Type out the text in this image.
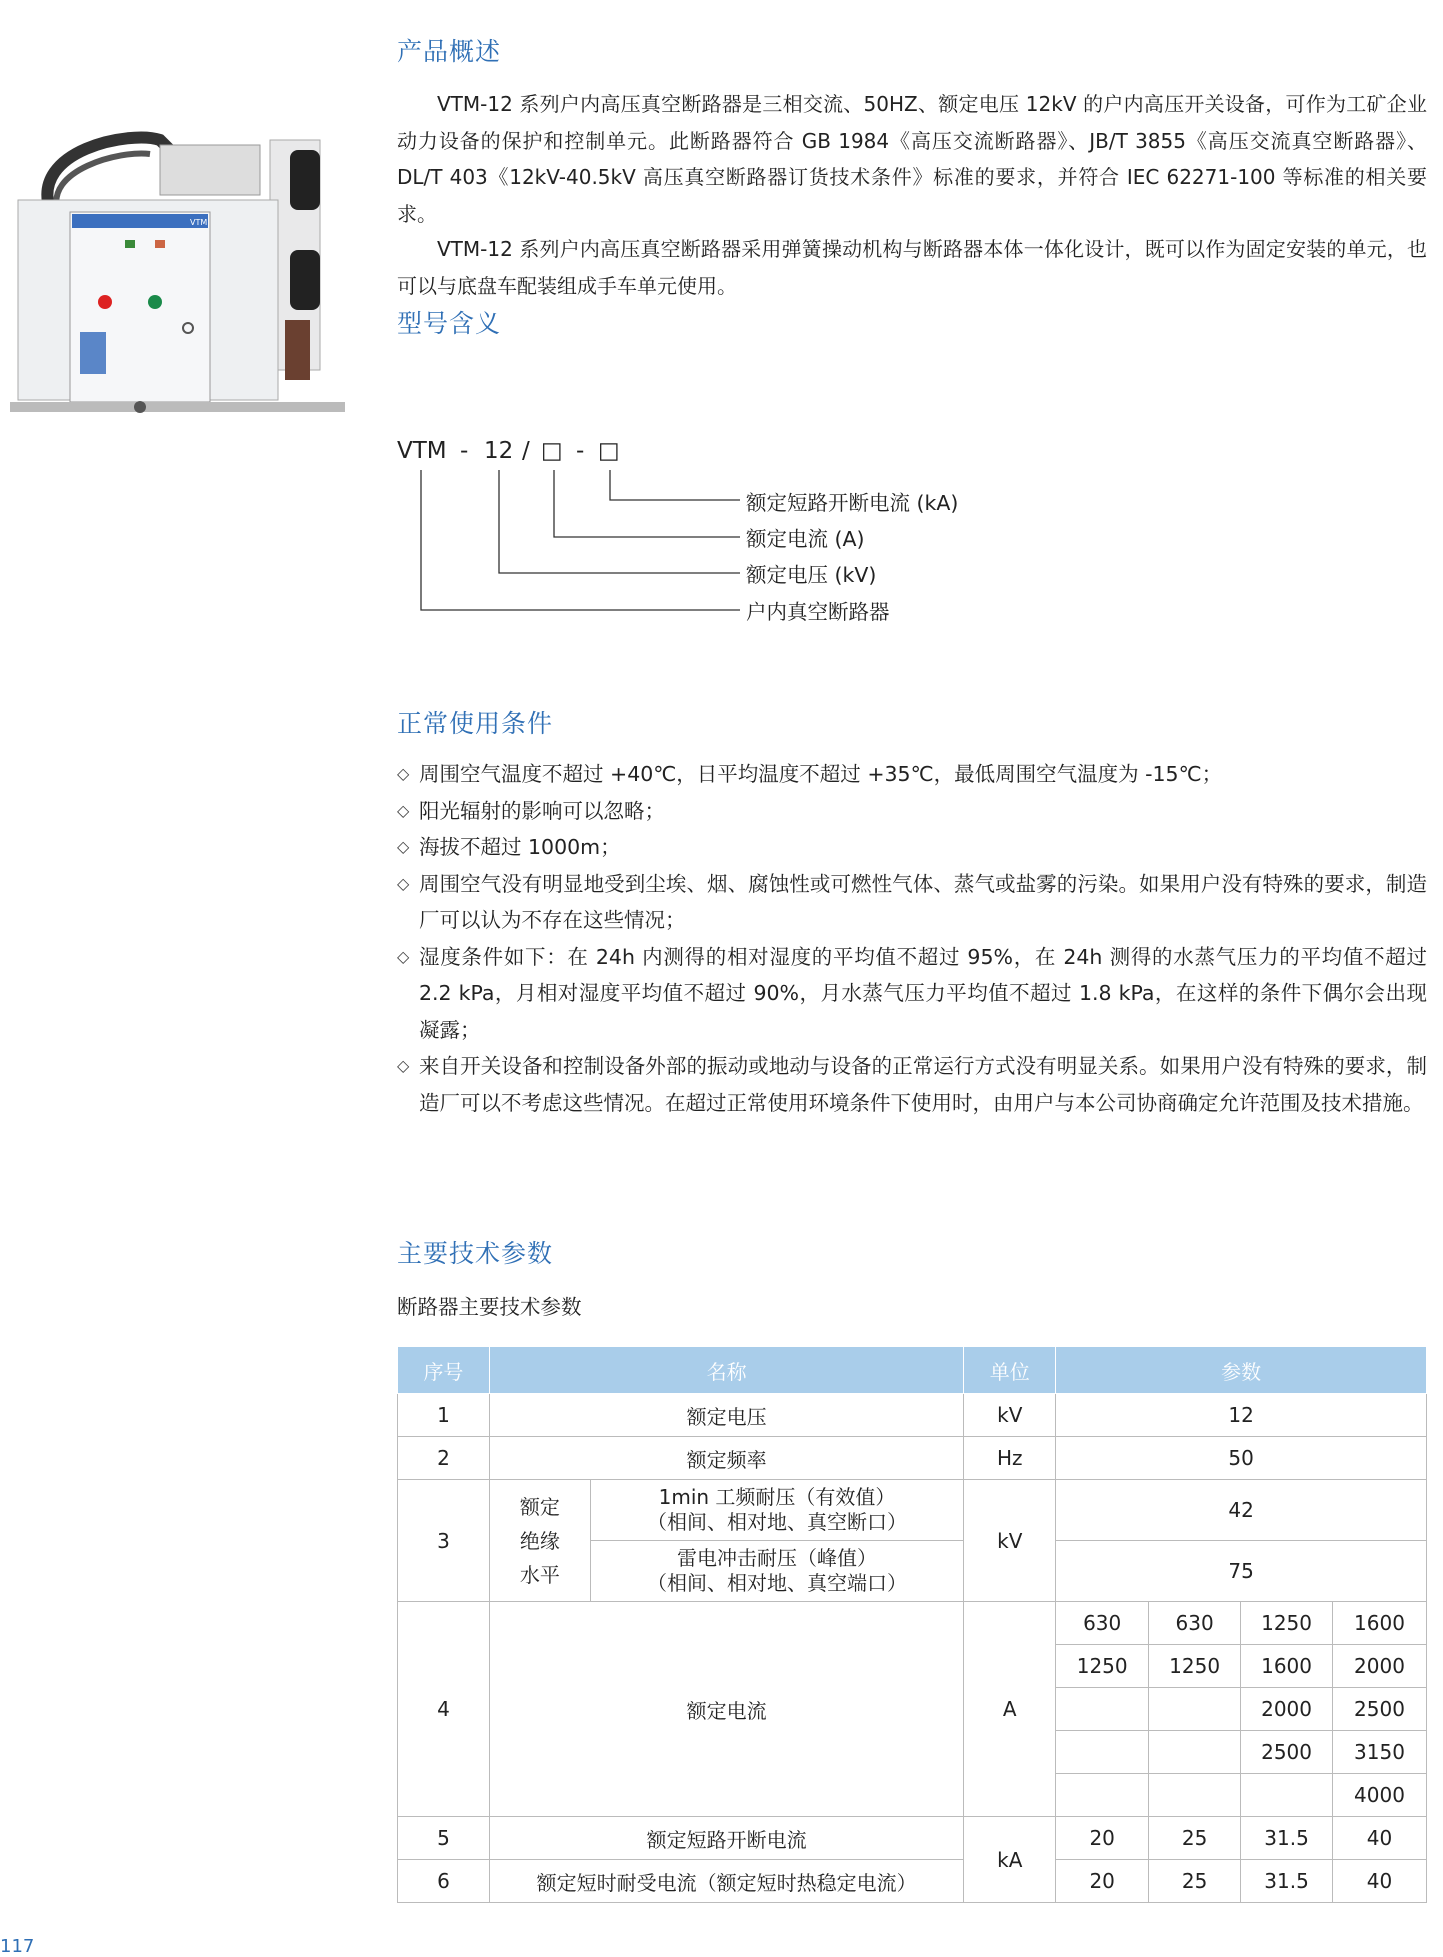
产品概述

VTM-12 系列户内高压真空断路器是三相交流、50HZ、额定电压 12kV 的户内高压开关设备，可作为工矿企业动力设备的保护和控制单元。此断路器符合 GB 1984《高压交流断路器》、JB/T 3855《高压交流真空断路器》、DL/T 403《12kV-40.5kV 高压真空断路器订货技术条件》标准的要求，并符合 IEC 62271-100 等标准的相关要求。

VTM-12 系列户内高压真空断路器采用弹簧操动机构与断路器本体一体化设计，既可以作为固定安装的单元，也可以与底盘车配装组成手车单元使用。

VTM
型号含义
VTM - 12 / □ - □
额定短路开断电流 (kA)
额定电流 (A)
额定电压 (kV)
户内真空断路器
正常使用条件
◇ 周围空气温度不超过 +40℃，日平均温度不超过 +35℃，最低周围空气温度为 -15℃；
◇ 阳光辐射的影响可以忽略；
◇ 海拔不超过 1000m；
◇ 周围空气没有明显地受到尘埃、烟、腐蚀性或可燃性气体、蒸气或盐雾的污染。如果用户没有特殊的要求，制造厂可以认为不存在这些情况；
◇ 湿度条件如下：在 24h 内测得的相对湿度的平均值不超过 95%，在 24h 测得的水蒸气压力的平均值不超过 2.2 kPa，月相对湿度平均值不超过 90%，月水蒸气压力平均值不超过 1.8 kPa，在这样的条件下偶尔会出现凝露；
◇ 来自开关设备和控制设备外部的振动或地动与设备的正常运行方式没有明显关系。如果用户没有特殊的要求，制造厂可以不考虑这些情况。在超过正常使用环境条件下使用时，由用户与本公司协商确定允许范围及技术措施。
主要技术参数
断路器主要技术参数
序号	名称		单位	参数			
1	额定电压		kV	12			
2	额定频率		Hz	50			
3	额定
绝缘
水平	1min 工频耐压（有效值）
（相间、相对地、真空断口）	kV	42			
		雷电冲击耐压（峰值）
（相间、相对地、真空端口）		75			
4	额定电流		A	630	630	1250	1600
				1250	1250	1600	2000
						2000	2500
						2500	3150
							4000
5	额定短路开断电流		kA	20	25	31.5	40
6	额定短时耐受电流（额定短时热稳定电流）			20	25	31.5	40
117
